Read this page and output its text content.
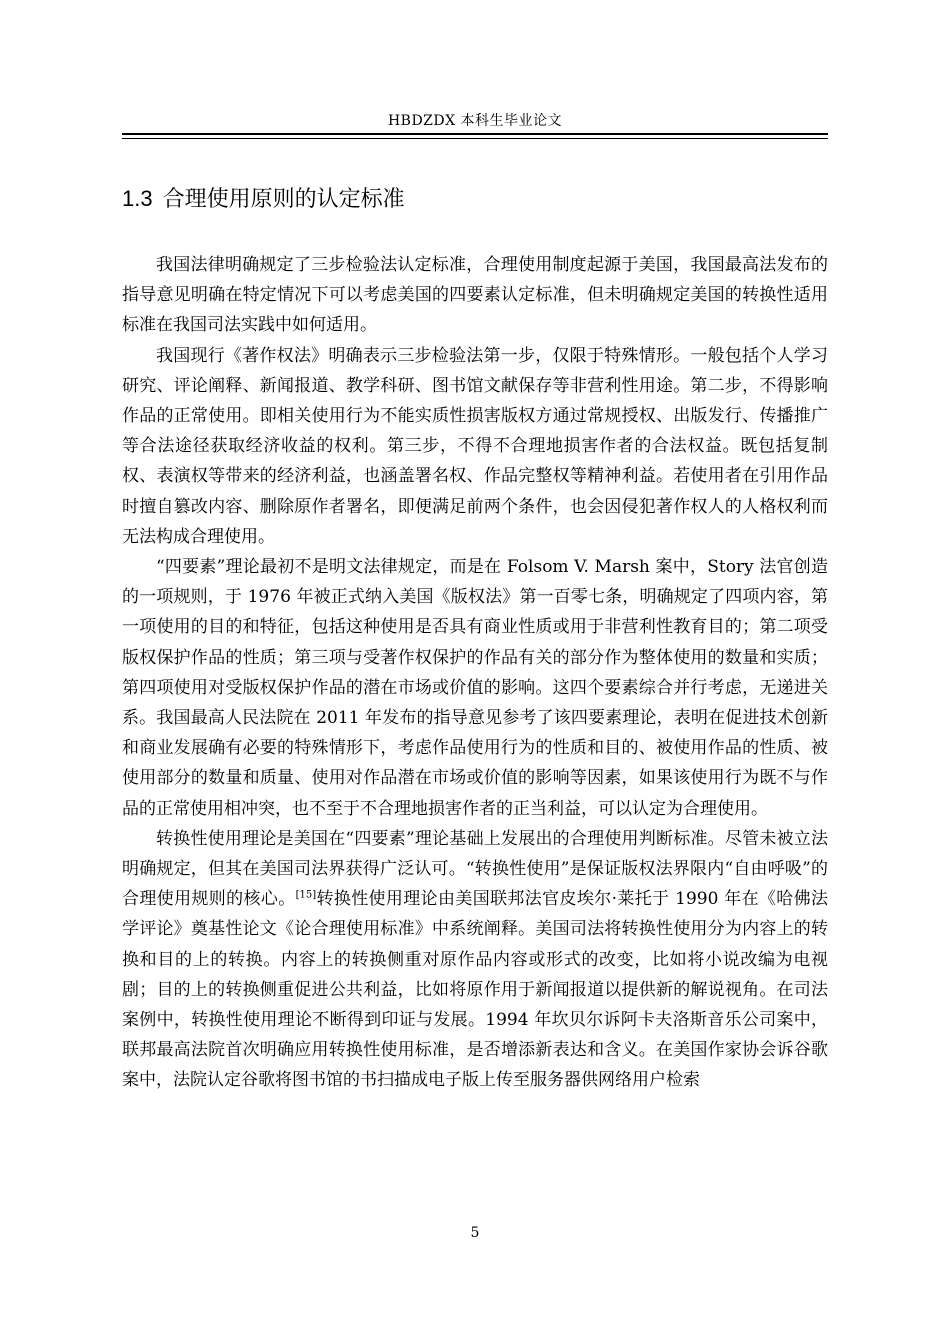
HBDZDX 本科生毕业论文
1.3 合理使用原则的认定标准

我国法律明确规定了三步检验法认定标准，合理使用制度起源于美国，我国最高法发布的指导意见明确在特定情况下可以考虑美国的四要素认定标准，但未明确规定美国的转换性适用标准在我国司法实践中如何适用。

我国现行《著作权法》明确表示三步检验法第一步，仅限于特殊情形。一般包括个人学习研究、评论阐释、新闻报道、教学科研、图书馆文献保存等非营利性用途。第二步，不得影响作品的正常使用。即相关使用行为不能实质性损害版权方通过常规授权、出版发行、传播推广等合法途径获取经济收益的权利。第三步，不得不合理地损害作者的合法权益。既包括复制权、表演权等带来的经济利益，也涵盖署名权、作品完整权等精神利益。若使用者在引用作品时擅自篡改内容、删除原作者署名，即便满足前两个条件，也会因侵犯著作权人的人格权利而无法构成合理使用。

“四要素”理论最初不是明文法律规定，而是在 Folsom V. Marsh 案中，Story 法官创造的一项规则，于 1976 年被正式纳入美国《版权法》第一百零七条，明确规定了四项内容，第一项使用的目的和特征，包括这种使用是否具有商业性质或用于非营利性教育目的；第二项受版权保护作品的性质；第三项与受著作权保护的作品有关的部分作为整体使用的数量和实质；第四项使用对受版权保护作品的潜在市场或价值的影响。这四个要素综合并行考虑，无递进关系。我国最高人民法院在 2011 年发布的指导意见参考了该四要素理论，表明在促进技术创新和商业发展确有必要的特殊情形下，考虑作品使用行为的性质和目的、被使用作品的性质、被使用部分的数量和质量、使用对作品潜在市场或价值的影响等因素，如果该使用行为既不与作品的正常使用相冲突，也不至于不合理地损害作者的正当利益，可以认定为合理使用。

转换性使用理论是美国在“四要素”理论基础上发展出的合理使用判断标准。尽管未被立法明确规定，但其在美国司法界获得广泛认可。“转换性使用”是保证版权法界限内“自由呼吸”的合理使用规则的核心。[15]转换性使用理论由美国联邦法官皮埃尔·莱托于 1990 年在《哈佛法学评论》奠基性论文《论合理使用标准》中系统阐释。美国司法将转换性使用分为内容上的转换和目的上的转换。内容上的转换侧重对原作品内容或形式的改变，比如将小说改编为电视剧；目的上的转换侧重促进公共利益，比如将原作用于新闻报道以提供新的解说视角。在司法案例中，转换性使用理论不断得到印证与发展。1994 年坎贝尔诉阿卡夫洛斯音乐公司案中，联邦最高法院首次明确应用转换性使用标准，是否增添新表达和含义。在美国作家协会诉谷歌案中，法院认定谷歌将图书馆的书扫描成电子版上传至服务器供网络用户检索

5
